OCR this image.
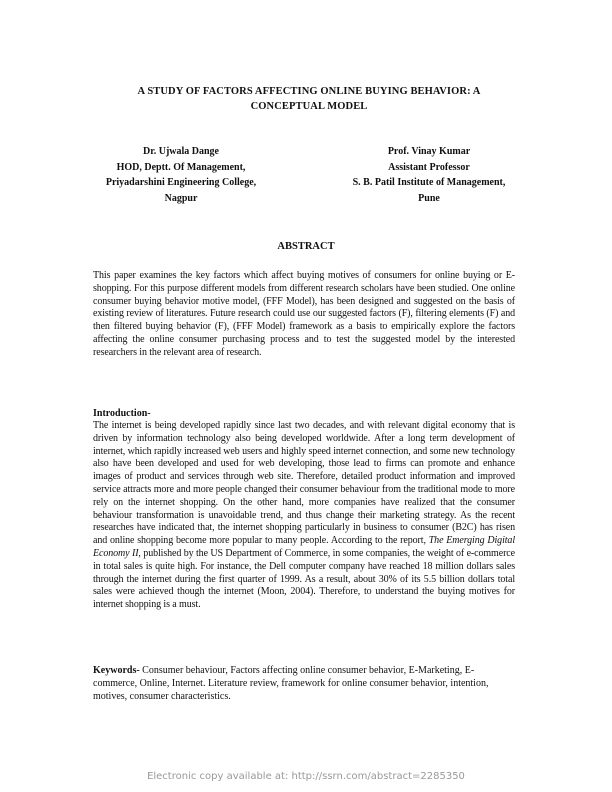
A STUDY OF FACTORS AFFECTING ONLINE BUYING BEHAVIOR: A
CONCEPTUAL MODEL
Dr. Ujwala Dange
HOD, Deptt. Of Management,
Priyadarshini Engineering College,
Nagpur
Prof. Vinay Kumar
Assistant Professor
S. B. Patil Institute of Management,
Pune
ABSTRACT
This paper examines the key factors which affect buying motives of consumers for online buying or E- shopping. For this purpose different models from different research scholars have been studied. One online consumer buying behavior motive model, (FFF Model), has been designed and suggested on the basis of existing review of literatures. Future research could use our suggested factors (F), filtering elements (F) and then filtered buying behavior (F), (FFF Model) framework as a basis to empirically explore the factors affecting the online consumer purchasing process and to test the suggested model by the interested researchers in the relevant area of research.
Introduction-
The internet is being developed rapidly since last two decades, and with relevant digital economy that is driven by information technology also being developed worldwide. After a long term development of internet, which rapidly increased web users and highly speed internet connection, and some new technology also have been developed and used for web developing, those lead to firms can promote and enhance images of product and services through web site. Therefore, detailed product information and improved service attracts more and more people changed their consumer behaviour from the traditional mode to more rely on the internet shopping. On the other hand, more companies have realized that the consumer behaviour transformation is unavoidable trend, and thus change their marketing strategy. As the recent researches have indicated that, the internet shopping particularly in business to consumer (B2C) has risen and online shopping become more popular to many people. According to the report, The Emerging Digital Economy II, published by the US Department of Commerce, in some companies, the weight of e-commerce in total sales is quite high. For instance, the Dell computer company have reached 18 million dollars sales through the internet during the first quarter of 1999. As a result, about 30% of its 5.5 billion dollars total sales were achieved though the internet (Moon, 2004). Therefore, to understand the buying motives for internet shopping is a must.
Keywords- Consumer behaviour, Factors affecting online consumer behavior, E-Marketing, E-commerce, Online, Internet. Literature review, framework for online consumer behavior, intention, motives, consumer characteristics.
Electronic copy available at: http://ssrn.com/abstract=2285350
